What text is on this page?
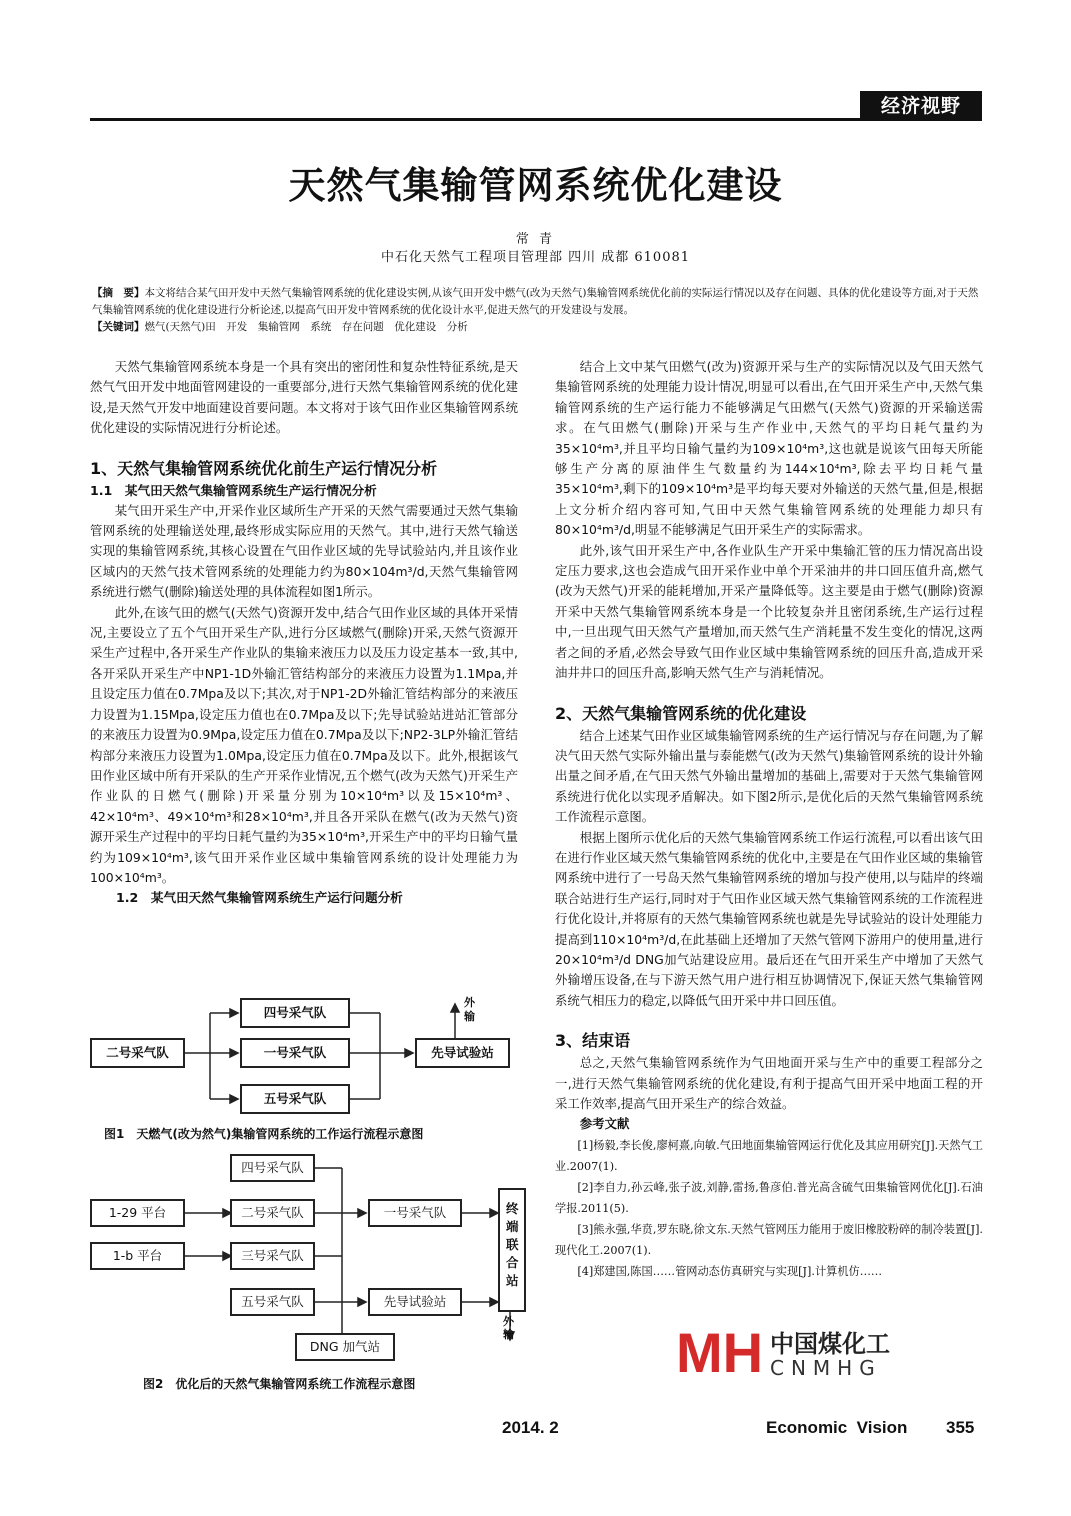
经济视野
天然气集输管网系统优化建设
常 青
中石化天然气工程项目管理部 四川 成都 610081

【摘　要】本文将结合某气田开发中天然气集输管网系统的优化建设实例,从该气田开发中燃气(改为天然气)集输管网系统优化前的实际运行情况以及存在问题、具体的优化建设等方面,对于天然气集输管网系统的优化建设进行分析论述,以提高气田开发中管网系统的优化设计水平,促进天然气的开发建设与发展。

【关键词】燃气(天然气)田　开发　集输管网　系统　存在问题　优化建设　分析

天然气集输管网系统本身是一个具有突出的密闭性和复杂性特征系统,是天然气气田开发中地面管网建设的一重要部分,进行天然气集输管网系统的优化建设,是天然气开发中地面建设首要问题。本文将对于该气田作业区集输管网系统优化建设的实际情况进行分析论述。

1、天然气集输管网系统优化前生产运行情况分析
1.1　某气田天然气集输管网系统生产运行情况分析

某气田开采生产中,开采作业区域所生产开采的天然气需要通过天然气集输管网系统的处理输送处理,最终形成实际应用的天然气。其中,进行天然气输送实现的集输管网系统,其核心设置在气田作业区域的先导试验站内,并且该作业区域内的天然气技术管网系统的处理能力约为80×104m³/d,天然气集输管网系统进行燃气(删除)输送处理的具体流程如图1所示。

此外,在该气田的燃气(天然气)资源开发中,结合气田作业区域的具体开采情况,主要设立了五个气田开采生产队,进行分区域燃气(删除)开采,天然气资源开采生产过程中,各开采生产作业队的集输来液压力以及压力设定基本一致,其中,各开采队开采生产中NP1-1D外输汇管结构部分的来液压力设置为1.1Mpa,并且设定压力值在0.7Mpa及以下;其次,对于NP1-2D外输汇管结构部分的来液压力设置为1.15Mpa,设定压力值也在0.7Mpa及以下;先导试验站进站汇管部分的来液压力设置为0.9Mpa,设定压力值在0.7Mpa及以下;NP2-3LP外输汇管结构部分来液压力设置为1.0Mpa,设定压力值在0.7Mpa及以下。此外,根据该气田作业区域中所有开采队的生产开采作业情况,五个燃气(改为天然气)开采生产作业队的日燃气(删除)开采量分别为10×10⁴m³以及15×10⁴m³、42×10⁴m³、49×10⁴m³和28×10⁴m³,并且各开采队在燃气(改为天然气)资源开采生产过程中的平均日耗气量约为35×10⁴m³,开采生产中的平均日输气量约为109×10⁴m³,该气田开采作业区域中集输管网系统的设计处理能力为100×10⁴m³。

1.2　某气田天然气集输管网系统生产运行问题分析
四号采气队
二号采气队	一号采气队
五号采气队
先导试验站
外输
图1　天燃气(改为然气)集输管网系统的工作运行流程示意图
四号采气队
1-29 平台	二号采气队	一号采气队
1-b 平台	三号采气队
五号采气队	先导试验站
DNG 加气站
终端联合站
外输
图2　优化后的天然气集输管网系统工作流程示意图

结合上文中某气田燃气(改为)资源开采与生产的实际情况以及气田天然气集输管网系统的处理能力设计情况,明显可以看出,在气田开采生产中,天然气集输管网系统的生产运行能力不能够满足气田燃气(天然气)资源的开采输送需求。在气田燃气(删除)开采与生产作业中,天然气的平均日耗气量约为35×10⁴m³,并且平均日输气量约为109×10⁴m³,这也就是说该气田每天所能够生产分离的原油伴生气数量约为144×10⁴m³,除去平均日耗气量35×10⁴m³,剩下的109×10⁴m³是平均每天要对外输送的天然气量,但是,根据上文分析介绍内容可知,气田中天然气集输管网系统的处理能力却只有80×10⁴m³/d,明显不能够满足气田开采生产的实际需求。

此外,该气田开采生产中,各作业队生产开采中集输汇管的压力情况高出设定压力要求,这也会造成气田开采作业中单个开采油井的井口回压值升高,燃气(改为天然气)开采的能耗增加,开采产量降低等。这主要是由于燃气(删除)资源开采中天然气集输管网系统本身是一个比较复杂并且密闭系统,生产运行过程中,一旦出现气田天然气产量增加,而天然气生产消耗量不发生变化的情况,这两者之间的矛盾,必然会导致气田作业区域中集输管网系统的回压升高,造成开采油井井口的回压升高,影响天然气生产与消耗情况。

2、天然气集输管网系统的优化建设

结合上述某气田作业区域集输管网系统的生产运行情况与存在问题,为了解决气田天然气实际外输出量与泰能燃气(改为天然气)集输管网系统的设计外输出量之间矛盾,在气田天然气外输出量增加的基础上,需要对于天然气集输管网系统进行优化以实现矛盾解决。如下图2所示,是优化后的天然气集输管网系统工作流程示意图。

根据上图所示优化后的天然气集输管网系统工作运行流程,可以看出该气田在进行作业区域天然气集输管网系统的优化中,主要是在气田作业区域的集输管网系统中进行了一号岛天然气集输管网系统的增加与投产使用,以与陆岸的终端联合站进行生产运行,同时对于气田作业区域天然气集输管网系统的工作流程进行优化设计,并将原有的天然气集输管网系统也就是先导试验站的设计处理能力提高到110×10⁴m³/d,在此基础上还增加了天然气管网下游用户的使用量,进行20×10⁴m³/d DNG加气站建设应用。最后还在气田开采生产中增加了天然气外输增压设备,在与下游天然气用户进行相互协调情况下,保证天然气集输管网系统气相压力的稳定,以降低气田开采中井口回压值。

3、结束语

总之,天然气集输管网系统作为气田地面开采与生产中的重要工程部分之一,进行天然气集输管网系统的优化建设,有利于提高气田开采中地面工程的开采工作效率,提高气田开采生产的综合效益。

参考文献

[1]杨毅,李长俊,廖柯熹,向敏.气田地面集输管网运行优化及其应用研究[J].天然气工业.2007(1).

[2]李自力,孙云峰,张子波,刘静,雷扬,鲁彦伯.普光高含硫气田集输管网优化[J].石油学报.2011(5).

[3]熊永强,华贲,罗东晓,徐文东.天然气管网压力能用于废旧橡胶粉碎的制冷装置[J].现代化工.2007(1).

[4]郑建国,陈国……管网动态仿真研究与实现[J].计算机仿……

MH 中国煤化工
CNMHG
2014. 2	Economic  Vision 355
